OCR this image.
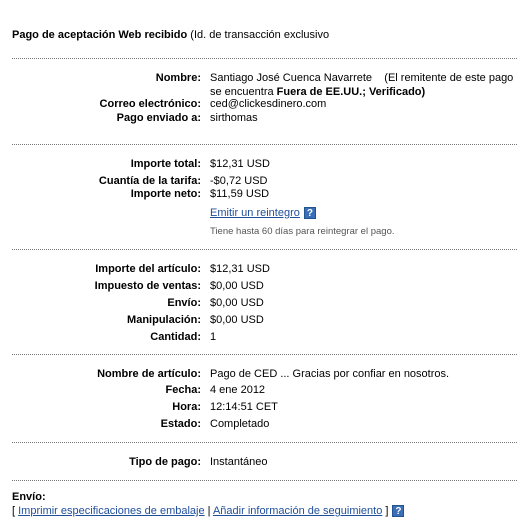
Pago de aceptación Web recibido (Id. de transacción exclusivo
Nombre: Santiago José Cuenca Navarrete (El remitente de este pago se encuentra Fuera de EE.UU.; Verificado)
Correo electrónico: ced@clickesdinero.com
Pago enviado a: sirthomas
Importe total: $12,31 USD
Cuantía de la tarifa: -$0,72 USD
Importe neto: $11,59 USD
Emitir un reintegro ?
Tiene hasta 60 días para reintegrar el pago.
Importe del artículo: $12,31 USD
Impuesto de ventas: $0,00 USD
Envío: $0,00 USD
Manipulación: $0,00 USD
Cantidad: 1
Nombre de artículo: Pago de CED ... Gracias por confiar en nosotros.
Fecha: 4 ene 2012
Hora: 12:14:51 CET
Estado: Completado
Tipo de pago: Instantáneo
Envío:
[ Imprimir especificaciones de embalaje | Añadir información de seguimiento ] ?
